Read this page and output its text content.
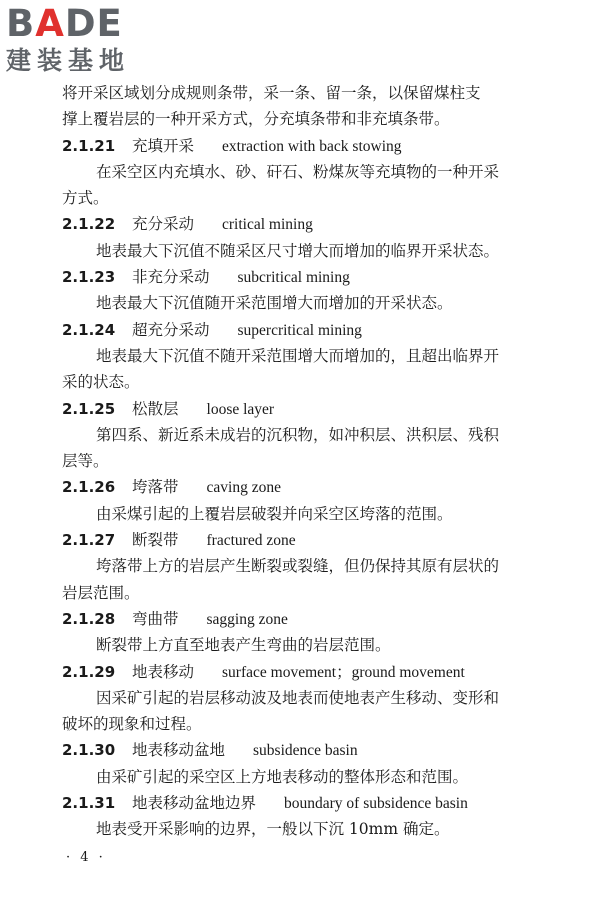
BADE
建装基地
将开采区域划分成规则条带，采一条、留一条，以保留煤柱支
撑上覆岩层的一种开采方式，分充填条带和非充填条带。
2.1.21 充填开采 extraction with back stowing
在采空区内充填水、砂、矸石、粉煤灰等充填物的一种开采
方式。
2.1.22 充分采动 critical mining
地表最大下沉值不随采区尺寸增大而增加的临界开采状态。
2.1.23 非充分采动 subcritical mining
地表最大下沉值随开采范围增大而增加的开采状态。
2.1.24 超充分采动 supercritical mining
地表最大下沉值不随开采范围增大而增加的，且超出临界开
采的状态。
2.1.25 松散层 loose layer
第四系、新近系未成岩的沉积物，如冲积层、洪积层、残积
层等。
2.1.26 垮落带 caving zone
由采煤引起的上覆岩层破裂并向采空区垮落的范围。
2.1.27 断裂带 fractured zone
垮落带上方的岩层产生断裂或裂缝，但仍保持其原有层状的
岩层范围。
2.1.28 弯曲带 sagging zone
断裂带上方直至地表产生弯曲的岩层范围。
2.1.29 地表移动 surface movement；ground movement
因采矿引起的岩层移动波及地表而使地表产生移动、变形和
破坏的现象和过程。
2.1.30 地表移动盆地 subsidence basin
由采矿引起的采空区上方地表移动的整体形态和范围。
2.1.31 地表移动盆地边界 boundary of subsidence basin
地表受开采影响的边界，一般以下沉 10mm 确定。
· 4 ·
